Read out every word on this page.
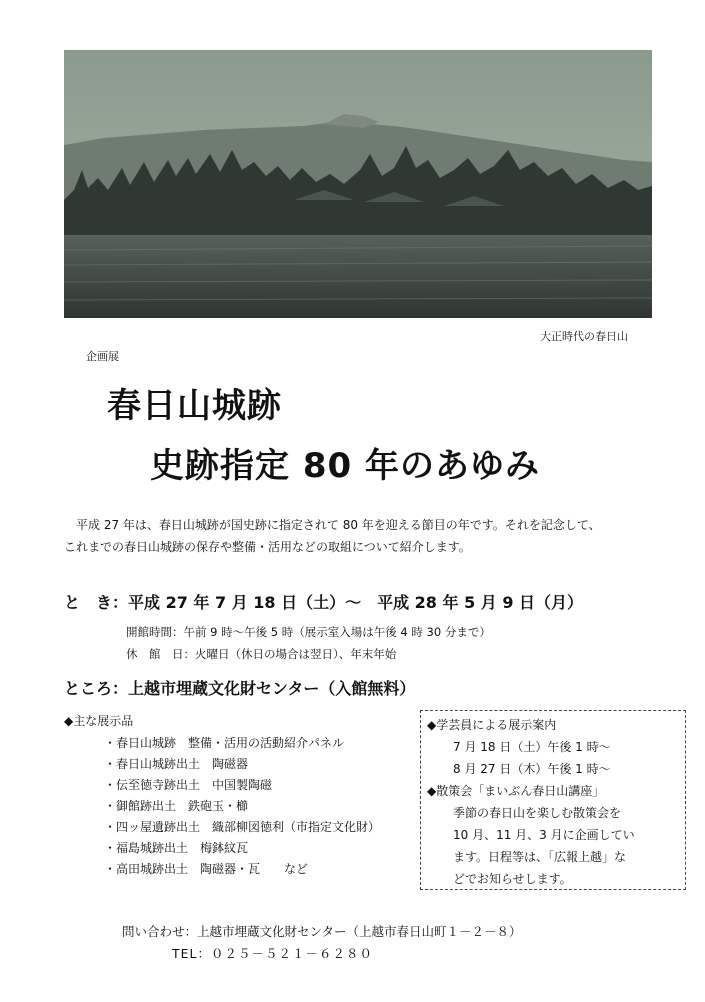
大正時代の春日山
企画展
春日山城跡
史跡指定 80 年のあゆみ
平成 27 年は、春日山城跡が国史跡に指定されて 80 年を迎える節目の年です。それを記念して、
これまでの春日山城跡の保存や整備・活用などの取組について紹介します。
と　き：平成 27 年 7 月 18 日（土）～　平成 28 年 5 月 9 日（月）
開館時間：午前 9 時～午後 5 時（展示室入場は午後 4 時 30 分まで）
休　館　日：火曜日（休日の場合は翌日）、年末年始
ところ：上越市埋蔵文化財センター（入館無料）
◆主な展示品
・春日山城跡　整備・活用の活動紹介パネル
・春日山城跡出土　陶磁器
・伝至徳寺跡出土　中国製陶磁
・御館跡出土　鉄砲玉・櫛
・四ッ屋遺跡出土　織部柳図徳利（市指定文化財）
・福島城跡出土　梅鉢紋瓦
・高田城跡出土　陶磁器・瓦　　など
◆学芸員による展示案内
7 月 18 日（土）午後 1 時～
8 月 27 日（木）午後 1 時～
◆散策会「まいぶん春日山講座」
季節の春日山を楽しむ散策会を
10 月、11 月、3 月に企画してい
ます。日程等は、「広報上越」な
どでお知らせします。
問い合わせ：上越市埋蔵文化財センター（上越市春日山町１－２－８）
TEL：０２５－５２１－６２８０
